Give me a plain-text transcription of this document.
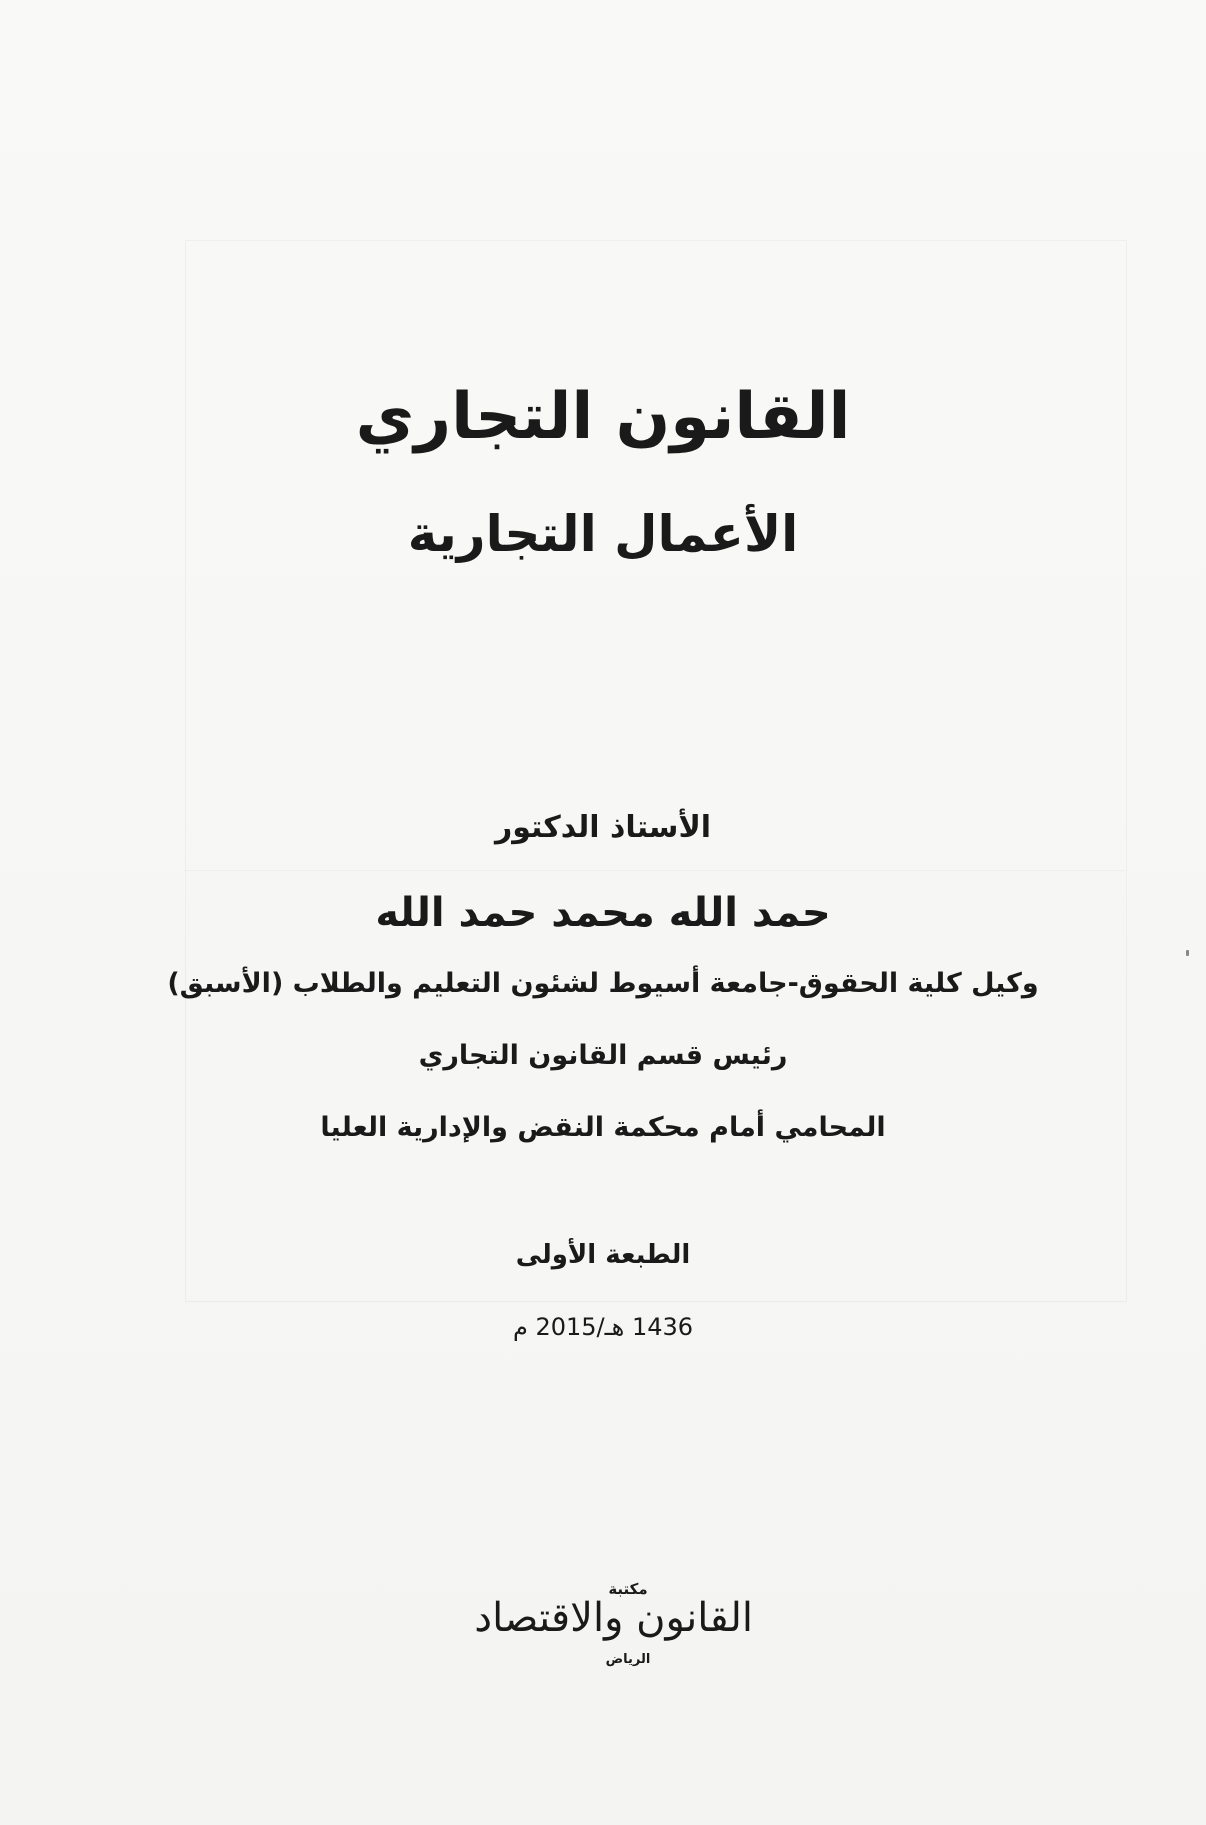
القانون التجاري
الأعمال التجارية
الأستاذ الدكتور
حمد الله محمد حمد الله
وكيل كلية الحقوق-جامعة أسيوط لشئون التعليم والطلاب (الأسبق)
رئيس قسم القانون التجاري
المحامي أمام محكمة النقض والإدارية العليا
الطبعة الأولى
1436 هـ/2015 م
مكتبة
القانون والاقتصاد
الرياض
